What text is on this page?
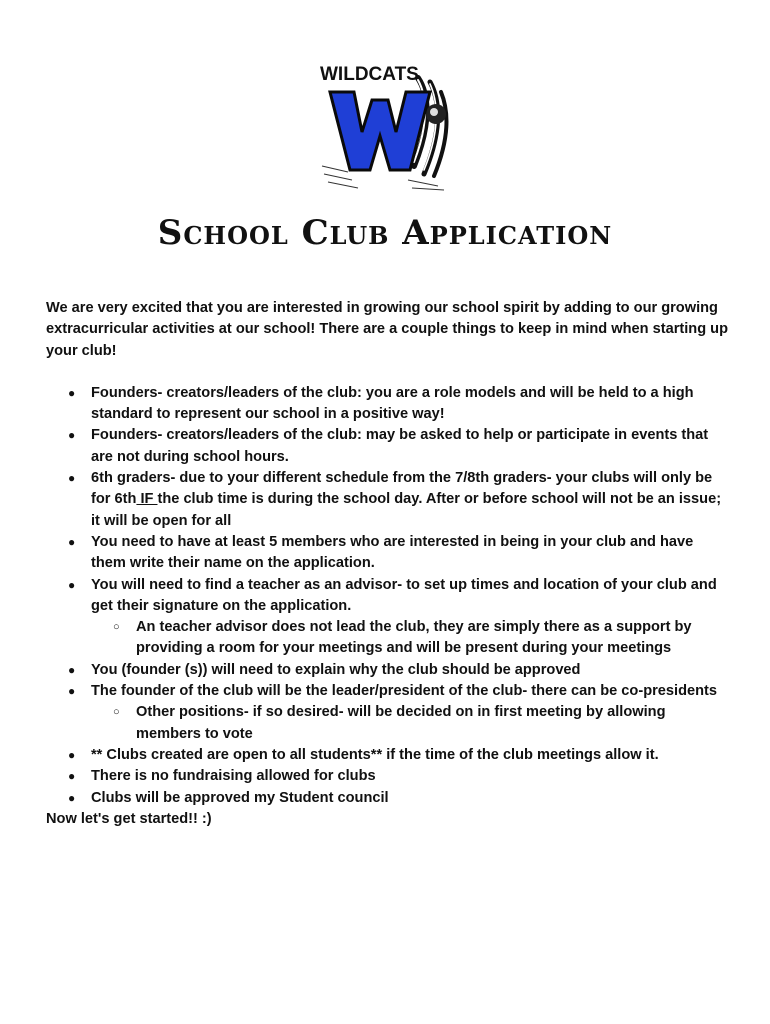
WILDCATS
School Club Application

We are very excited that you are interested in growing our school spirit by adding to our growing extracurricular activities at our school! There are a couple things to keep in mind when starting up your club!

● Founders- creators/leaders of the club: you are a role models and will be held to a high standard to represent our school in a positive way!
● Founders- creators/leaders of the club: may be asked to help or participate in events that are not during school hours.
● 6th graders- due to your different schedule from the 7/8th graders- your clubs will only be for 6th IF the club time is during the school day. After or before school will not be an issue; it will be open for all
● You need to have at least 5 members who are interested in being in your club and have them write their name on the application.
● You will need to find a teacher as an advisor- to set up times and location of your club and get their signature on the application.
○ An teacher advisor does not lead the club, they are simply there as a support by providing a room for your meetings and will be present during your meetings
● You (founder (s)) will need to explain why the club should be approved
● The founder of the club will be the leader/president of the club- there can be co-presidents
○ Other positions- if so desired- will be decided on in first meeting by allowing members to vote
● ** Clubs created are open to all students** if the time of the club meetings allow it.
● There is no fundraising allowed for clubs
● Clubs will be approved my Student council

Now let's get started!! :)
